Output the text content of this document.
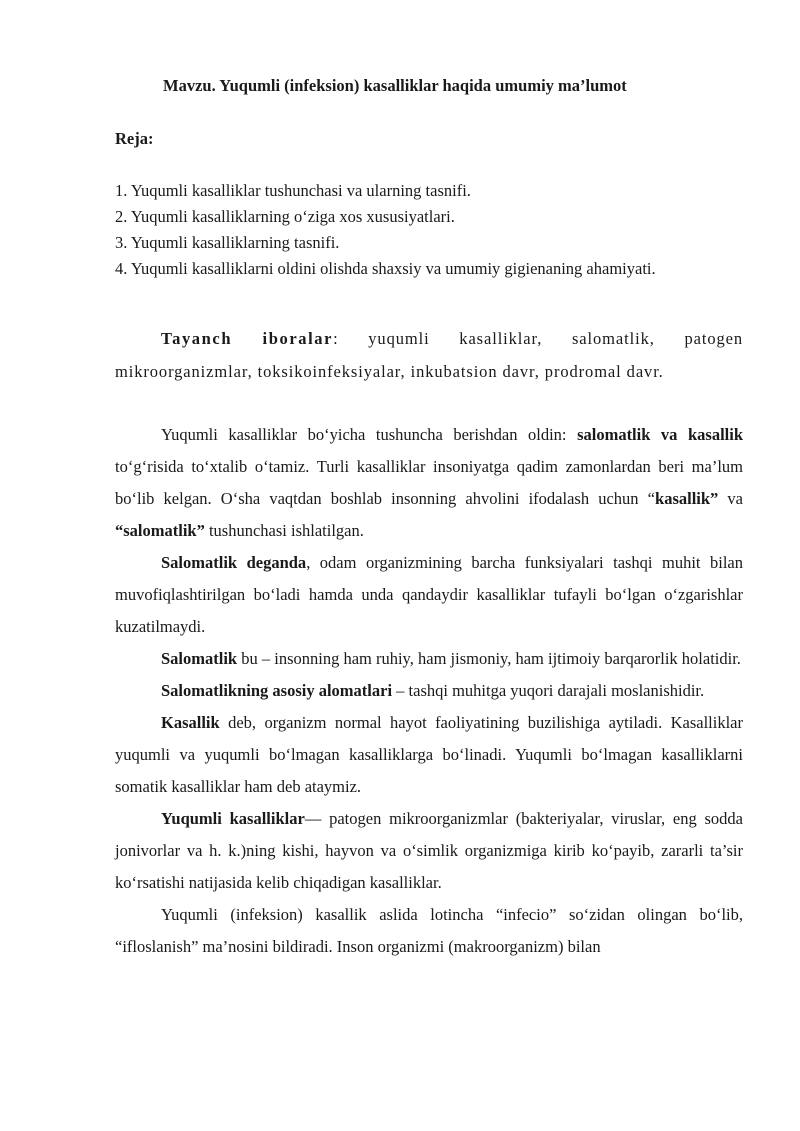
Mavzu. Yuqumli (infeksion) kasalliklar haqida umumiy ma’lumot
Reja:
1. Yuqumli kasalliklar tushunchasi va ularning tasnifi.
2. Yuqumli kasalliklarning o‘ziga xos xususiyatlari.
3. Yuqumli kasalliklarning tasnifi.
4. Yuqumli kasalliklarni oldini olishda shaxsiy va umumiy gigienaning ahamiyati.

Tayanch iboralar: yuqumli kasalliklar, salomatlik, patogen mikroorganizmlar, toksikoinfeksiyalar, inkubatsion davr, prodromal davr.

Yuqumli kasalliklar bo‘yicha tushuncha berishdan oldin: salomatlik va kasallik to‘g‘risida to‘xtalib o‘tamiz. Turli kasalliklar insoniyatga qadim zamonlardan beri ma’lum bo‘lib kelgan. O‘sha vaqtdan boshlab insonning ahvolini ifodalash uchun “kasallik” va “salomatlik” tushunchasi ishlatilgan.

Salomatlik deganda, odam organizmining barcha funksiyalari tashqi muhit bilan muvofiqlashtirilgan bo‘ladi hamda unda qandaydir kasalliklar tufayli bo‘lgan o‘zgarishlar kuzatilmaydi.

Salomatlik bu – insonning ham ruhiy, ham jismoniy, ham ijtimoiy barqarorlik holatidir.

Salomatlikning asosiy alomatlari – tashqi muhitga yuqori darajali moslanishidir.

Kasallik deb, organizm normal hayot faoliyatining buzilishiga aytiladi. Kasalliklar yuqumli va yuqumli bo‘lmagan kasalliklarga bo‘linadi. Yuqumli bo‘lmagan kasalliklarni somatik kasalliklar ham deb ataymiz.

Yuqumli kasalliklar— patogen mikroorganizmlar (bakteriyalar, viruslar, eng sodda jonivorlar va h. k.)ning kishi, hayvon va o‘simlik organizmiga kirib ko‘payib, zararli ta’sir ko‘rsatishi natijasida kelib chiqadigan kasalliklar.

Yuqumli (infeksion) kasallik aslida lotincha “infecio” so‘zidan olingan bo‘lib, “ifloslanish” ma’nosini bildiradi. Inson organizmi (makroorganizm) bilan
